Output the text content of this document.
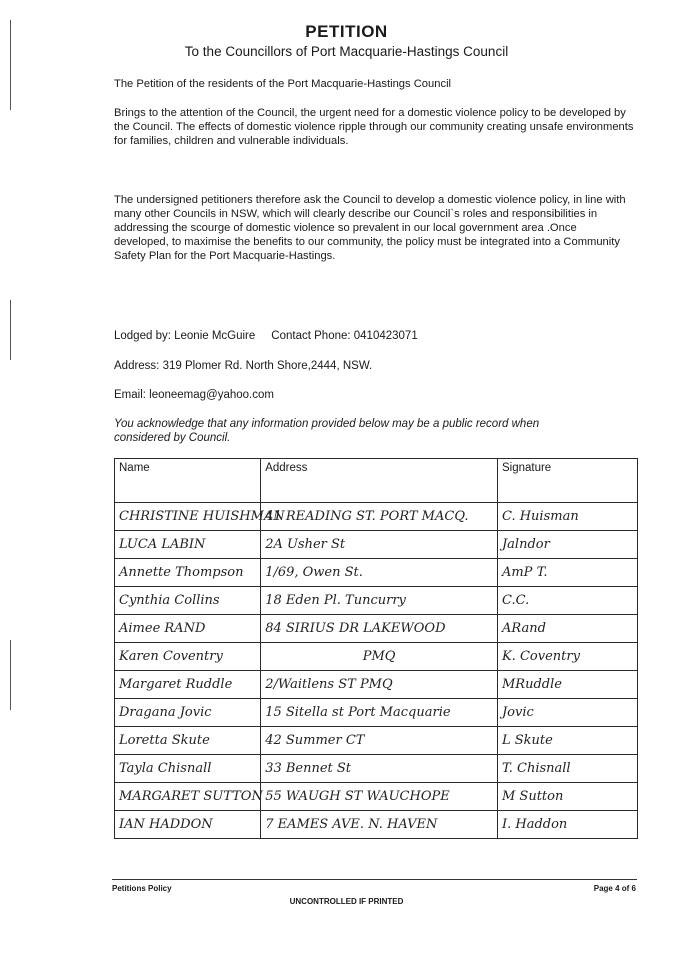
PETITION
To the Councillors of Port Macquarie-Hastings Council
The Petition of the residents of the Port Macquarie-Hastings Council
Brings to the attention of the Council, the urgent need for a domestic violence policy to be developed by the Council. The effects of domestic violence ripple through our community creating unsafe environments for families, children and vulnerable individuals.
The undersigned petitioners therefore ask the Council to develop a domestic violence policy, in line with many other Councils in NSW, which will clearly describe our Council`s roles and responsibilities in addressing the scourge of domestic violence so prevalent in our local government area .Once developed, to maximise the benefits to our community, the policy must be integrated into a Community Safety Plan for the Port Macquarie-Hastings.
Lodged by: Leonie McGuire Contact Phone: 0410423071
Address: 319 Plomer Rd. North Shore,2444, NSW.
Email: leoneemag@yahoo.com
You acknowledge that any information provided below may be a public record when considered by Council.
Name	Address	Signature
CHRISTINE HUISHMAN	41 READING ST. PORT MACQ.	C. Huisman
LUCA LABIN	2A Usher St	Jalndor
Annette Thompson	1/69, Owen St.	AmP T.
Cynthia Collins	18 Eden Pl. Tuncurry	C.C.
Aimee RAND	84 SIRIUS DR LAKEWOOD	ARand
Karen Coventry	PMQ	K. Coventry
Margaret Ruddle	2/Waitlens ST PMQ	MRuddle
Dragana Jovic	15 Sitella st Port Macquarie	Jovic
Loretta Skute	42 Summer CT	L Skute
Tayla Chisnall	33 Bennet St	T. Chisnall
MARGARET SUTTON	55 WAUGH ST WAUCHOPE	M Sutton
IAN HADDON	7 EAMES AVE. N. HAVEN	I. Haddon
Petitions Policy
UNCONTROLLED IF PRINTED
Page 4 of 6
